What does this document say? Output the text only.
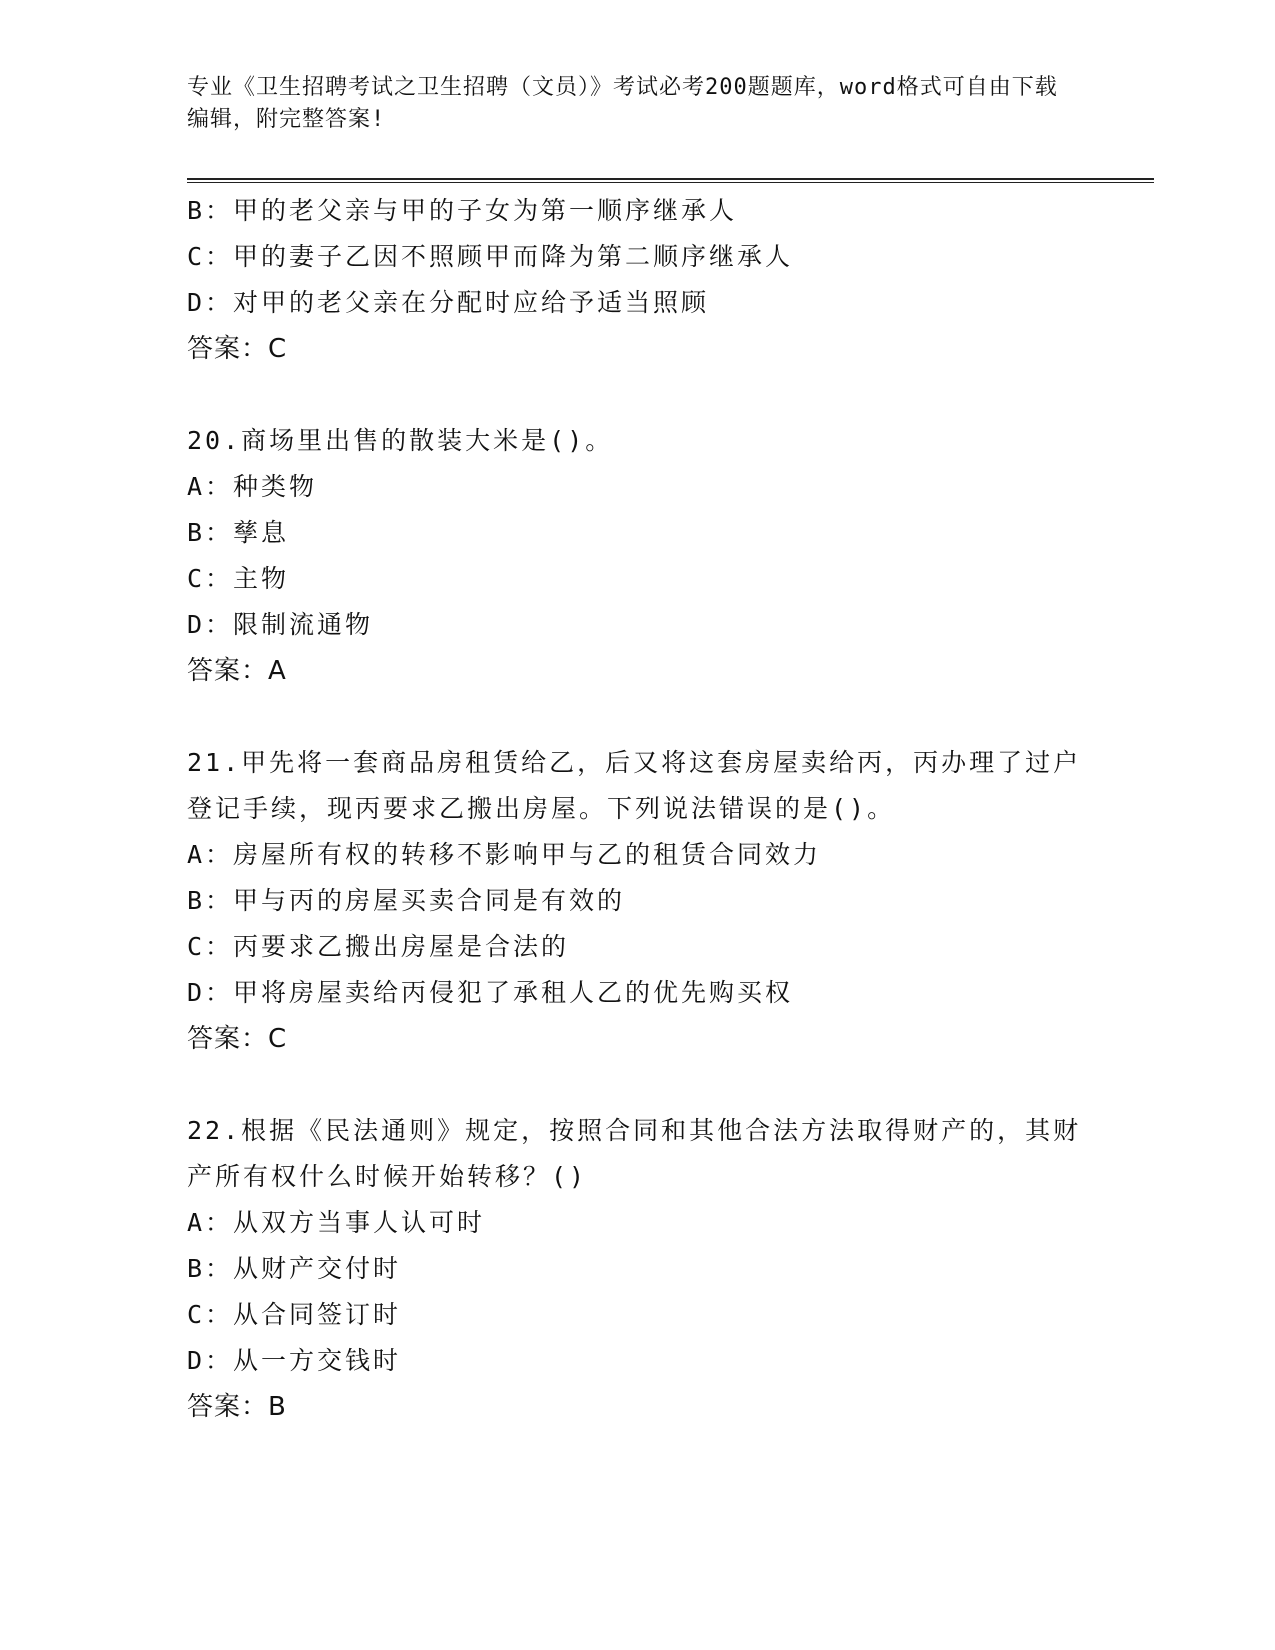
专业《卫生招聘考试之卫生招聘（文员）》考试必考200题题库，word格式可自由下载编辑，附完整答案!
B：甲的老父亲与甲的子女为第一顺序继承人
C：甲的妻子乙因不照顾甲而降为第二顺序继承人
D：对甲的老父亲在分配时应给予适当照顾
答案：C
20.商场里出售的散装大米是()。
A：种类物
B：孳息
C：主物
D：限制流通物
答案：A
21.甲先将一套商品房租赁给乙，后又将这套房屋卖给丙，丙办理了过户登记手续，现丙要求乙搬出房屋。下列说法错误的是()。
A：房屋所有权的转移不影响甲与乙的租赁合同效力
B：甲与丙的房屋买卖合同是有效的
C：丙要求乙搬出房屋是合法的
D：甲将房屋卖给丙侵犯了承租人乙的优先购买权
答案：C
22.根据《民法通则》规定，按照合同和其他合法方法取得财产的，其财产所有权什么时候开始转移？()
A：从双方当事人认可时
B：从财产交付时
C：从合同签订时
D：从一方交钱时
答案：B
